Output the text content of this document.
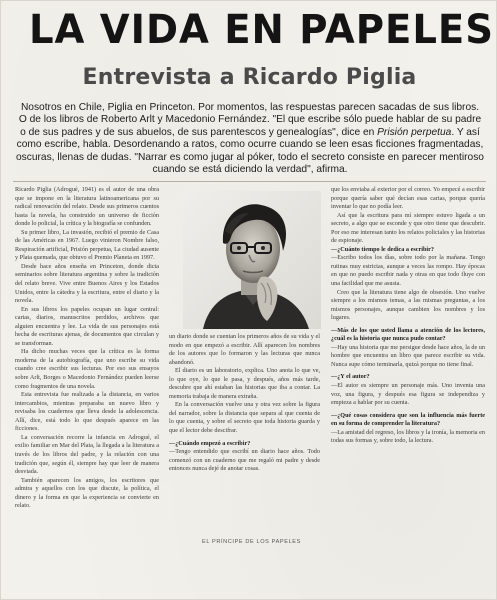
LA VIDA EN PAPELES
Entrevista a Ricardo Piglia
Nosotros en Chile, Piglia en Princeton. Por momentos, las respuestas parecen sacadas de sus libros. O de los libros de Roberto Arlt y Macedonio Fernández. "El que escribe sólo puede hablar de su padre o de sus padres y de sus abuelos, de sus parentescos y genealogías", dice en Prisión perpetua. Y así como escribe, habla. Desordenando a ratos, como ocurre cuando se leen esas ficciones fragmentadas, oscuras, llenas de dudas. "Narrar es como jugar al póker, todo el secreto consiste en parecer mentiroso cuando se está diciendo la verdad", afirma.

Ricardo Piglia (Adrogué, 1941) es el autor de una obra que se impone en la literatura latinoamericana por su radical renovación del relato. Desde sus primeros cuentos hasta la novela, ha construido un universo de ficción donde lo policial, la crítica y la biografía se confunden.

Su primer libro, La invasión, recibió el premio de Casa de las Américas en 1967. Luego vinieron Nombre falso, Respiración artificial, Prisión perpetua, La ciudad ausente y Plata quemada, que obtuvo el Premio Planeta en 1997.

Desde hace años enseña en Princeton, donde dicta seminarios sobre literatura argentina y sobre la tradición del relato breve. Vive entre Buenos Aires y los Estados Unidos, entre la cátedra y la escritura, entre el diario y la novela.

En sus libros los papeles ocupan un lugar central: cartas, diarios, manuscritos perdidos, archivos que alguien encuentra y lee. La vida de sus personajes está hecha de escrituras ajenas, de documentos que circulan y se transforman.

Ha dicho muchas veces que la crítica es la forma moderna de la autobiografía, que uno escribe su vida cuando cree escribir sus lecturas. Por eso sus ensayos sobre Arlt, Borges o Macedonio Fernández pueden leerse como fragmentos de una novela.

Esta entrevista fue realizada a la distancia, en varios intercambios, mientras preparaba un nuevo libro y revisaba los cuadernos que lleva desde la adolescencia. Allí, dice, está todo lo que después aparece en las ficciones.

La conversación recorre la infancia en Adrogué, el exilio familiar en Mar del Plata, la llegada a la literatura a través de los libros del padre, y la relación con una tradición que, según él, siempre hay que leer de manera desviada.

También aparecen los amigos, los escritores que admira y aquellos con los que discute, la política, el dinero y la forma en que la experiencia se convierte en relato.

un diario donde se cuentan los primeros años de su vida y el modo en que empezó a escribir. Allí aparecen los nombres de los autores que lo formaron y las lecturas que nunca abandonó.

El diario es un laboratorio, explica. Uno anota lo que ve, lo que oye, lo que le pasa, y después, años más tarde, descubre que ahí estaban las historias que iba a contar. La memoria trabaja de manera extraña.

En la conversación vuelve una y otra vez sobre la figura del narrador, sobre la distancia que separa al que cuenta de lo que cuenta, y sobre el secreto que toda historia guarda y que el lector debe descifrar.

—¿Cuándo empezó a escribir?

—Tengo entendido que escribí un diario hace años. Todo comenzó con un cuaderno que me regaló mi padre y desde entonces nunca dejé de anotar cosas.

EL PRÍNCIPE DE LOS PAPELES

que los enviaba al exterior por el correo. Yo empecé a escribir porque quería saber qué decían esas cartas, porque quería inventar lo que no podía leer.

Así que la escritura para mí siempre estuvo ligada a un secreto, a algo que se esconde y que otro tiene que descubrir. Por eso me interesan tanto los relatos policiales y las historias de espionaje.

—¿Cuánto tiempo le dedica a escribir?

—Escribo todos los días, sobre todo por la mañana. Tengo rutinas muy estrictas, aunque a veces las rompo. Hay épocas en que no puedo escribir nada y otras en que todo fluye con una facilidad que me asusta.

Creo que la literatura tiene algo de obsesión. Uno vuelve siempre a los mismos temas, a las mismas preguntas, a los mismos personajes, aunque cambien los nombres y los lugares.

—Más de los que usted llama a atención de los lectores, ¿cuál es la historia que nunca pudo contar?

—Hay una historia que me persigue desde hace años, la de un hombre que encuentra un libro que parece escribir su vida. Nunca supe cómo terminarla, quizá porque no tiene final.

—¿Y el autor?

—El autor es siempre un personaje más. Uno inventa una voz, una figura, y después esa figura se independiza y empieza a hablar por su cuenta.

—¿Qué cosas considera que son la influencia más fuerte en su forma de comprender la literatura?

—La amistad del regreso, los libros y la ironía, la memoria en todas sus formas y, sobre todo, la lectura.
